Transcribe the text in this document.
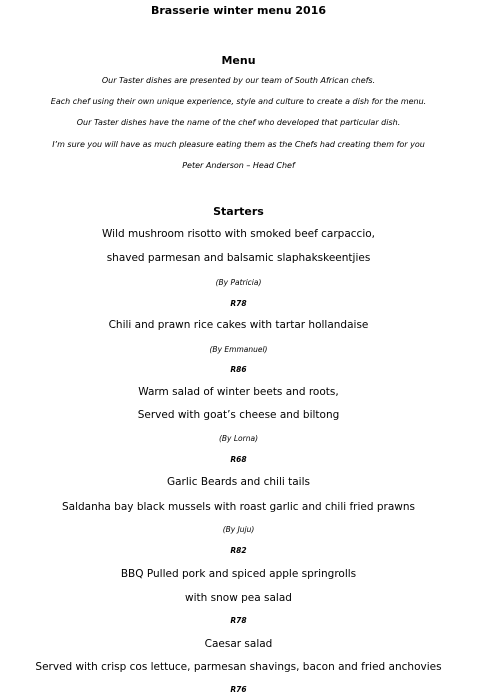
Brasserie winter menu 2016
Menu
Our Taster dishes are presented by our team of South African chefs.
Each chef using their own unique experience, style and culture to create a dish for the menu.
Our Taster dishes have the name of the chef who developed that particular dish.
I’m sure you will have as much pleasure eating them as the Chefs had creating them for you
Peter Anderson – Head Chef
Starters
Wild mushroom risotto with smoked beef carpaccio,
shaved parmesan and balsamic slaphakskeentjies
(By Patricia)
R78
Chili and prawn rice cakes with tartar hollandaise
(By Emmanuel)
R86
Warm salad of winter beets and roots,
Served with goat’s cheese and biltong
(By Lorna)
R68
Garlic Beards and chili tails
Saldanha bay black mussels with roast garlic and chili fried prawns
(By Juju)
R82
BBQ Pulled pork and spiced apple springrolls
with snow pea salad
R78
Caesar salad
Served with crisp cos lettuce, parmesan shavings, bacon and fried anchovies
R76
